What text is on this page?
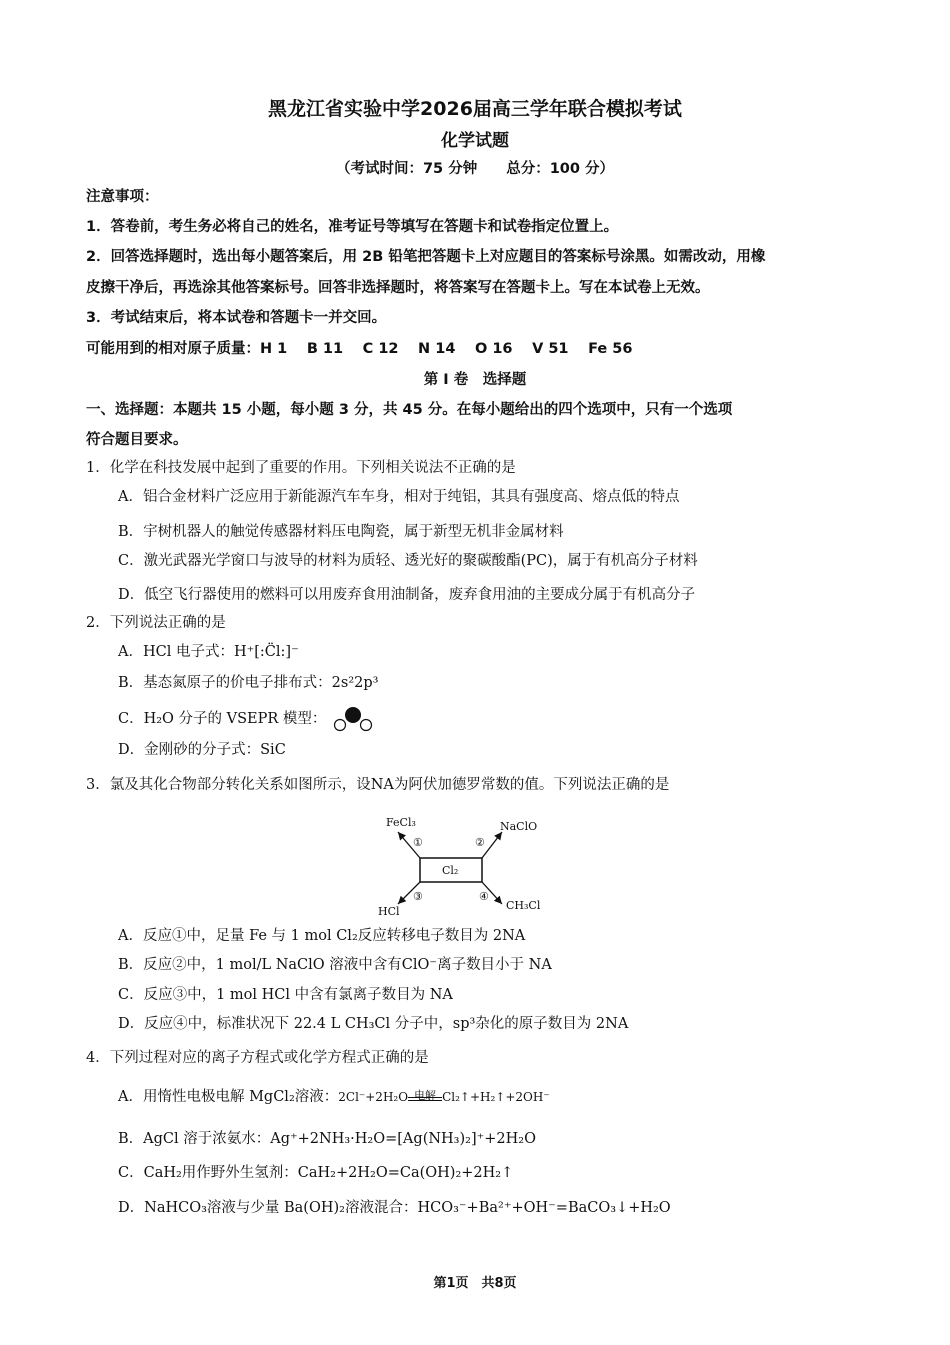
黑龙江省实验中学2026届高三学年联合模拟考试
化学试题
（考试时间：75 分钟　　总分：100 分）
注意事项：
1．答卷前，考生务必将自己的姓名，准考证号等填写在答题卡和试卷指定位置上。
2．回答选择题时，选出每小题答案后，用 2B 铅笔把答题卡上对应题目的答案标号涂黑。如需改动，用橡
皮擦干净后，再选涂其他答案标号。回答非选择题时，将答案写在答题卡上。写在本试卷上无效。
3．考试结束后，将本试卷和答题卡一并交回。
可能用到的相对原子质量：H 1　 B 11　 C 12　 N 14　 O 16　 V 51　 Fe 56
第 I 卷　选择题
一、选择题：本题共 15 小题，每小题 3 分，共 45 分。在每小题给出的四个选项中，只有一个选项
符合题目要求。
1．化学在科技发展中起到了重要的作用。下列相关说法不正确的是
A．铝合金材料广泛应用于新能源汽车车身，相对于纯铝，其具有强度高、熔点低的特点
B．宇树机器人的触觉传感器材料压电陶瓷，属于新型无机非金属材料
C．激光武器光学窗口与波导的材料为质轻、透光好的聚碳酸酯(PC)，属于有机高分子材料
D．低空飞行器使用的燃料可以用废弃食用油制备，废弃食用油的主要成分属于有机高分子
2．下列说法正确的是
A．HCl 电子式：H⁺[:C̈l:]⁻
B．基态氮原子的价电子排布式：2s²2p³
C．H₂O 分子的 VSEPR 模型：
D．金刚砂的分子式：SiC
3．氯及其化合物部分转化关系如图所示，设NA为阿伏加德罗常数的值。下列说法正确的是
Cl₂
FeCl₃	NaClO
HCl	CH₃Cl
①	②
③	④
A．反应①中，足量 Fe 与 1 mol Cl₂反应转移电子数目为 2NA
B．反应②中，1 mol/L NaClO 溶液中含有ClO⁻离子数目小于 NA
C．反应③中，1 mol HCl 中含有氯离子数目为 NA
D．反应④中，标准状况下 22.4 L CH₃Cl 分子中，sp³杂化的原子数目为 2NA
4．下列过程对应的离子方程式或化学方程式正确的是
A．用惰性电极电解 MgCl₂溶液：2Cl⁻+2H₂O 电解 Cl₂↑+H₂↑+2OH⁻
B．AgCl 溶于浓氨水：Ag⁺+2NH₃·H₂O=[Ag(NH₃)₂]⁺+2H₂O
C．CaH₂用作野外生氢剂：CaH₂+2H₂O=Ca(OH)₂+2H₂↑
D．NaHCO₃溶液与少量 Ba(OH)₂溶液混合：HCO₃⁻+Ba²⁺+OH⁻=BaCO₃↓+H₂O
第1页　共8页
